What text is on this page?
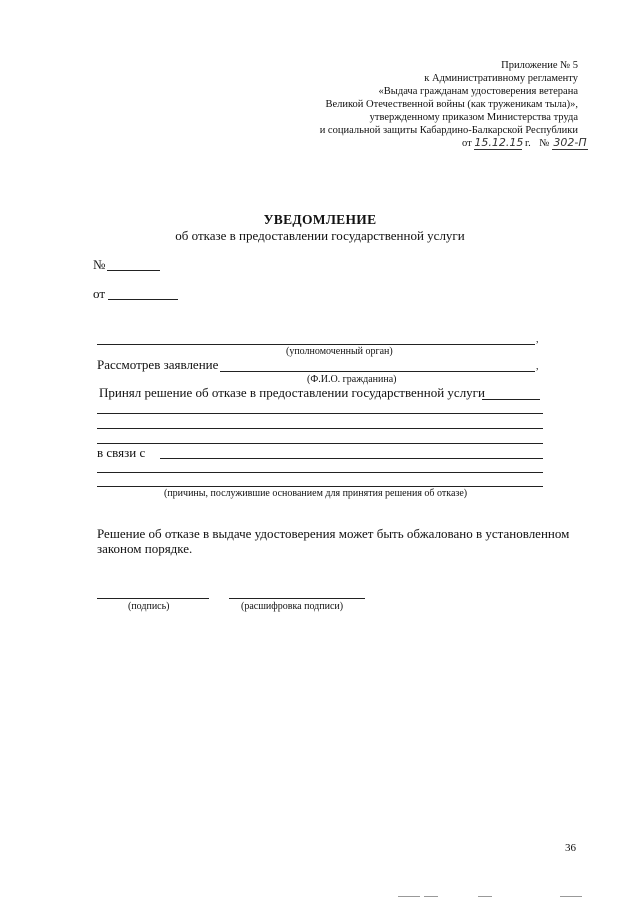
Приложение № 5
к Административному регламенту
«Выдача гражданам удостоверения ветерана
Великой Отечественной войны (как труженикам тыла)»,
утвержденному приказом Министерства труда
и социальной защиты Кабардино-Балкарской Республики
от 15.12.15 г. № 302-П
УВЕДОМЛЕНИЕ
об отказе в предоставлении государственной услуги
№
от
,
(уполномоченный орган)
Рассмотрев заявление	,
(Ф.И.О. гражданина)
Принял решение об отказе в предоставлении государственной услуги
в связи с
(причины, послужившие основанием для принятия решения об отказе)
Решение об отказе в выдаче удостоверения может быть обжаловано в установленном
законом порядке.
(подпись)	(расшифровка подписи)
36
